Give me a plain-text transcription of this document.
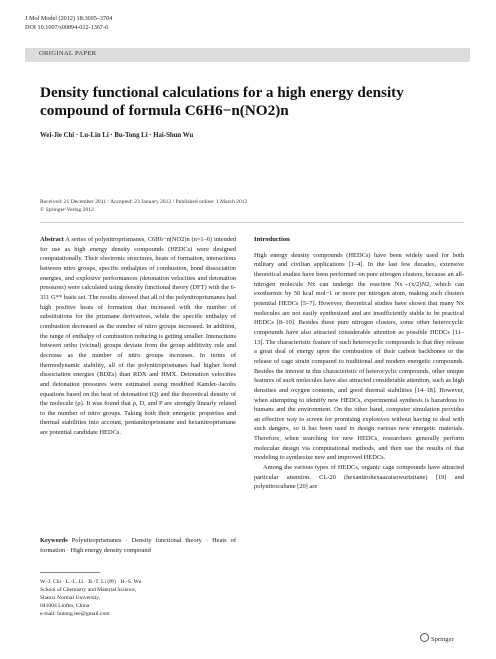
J Mol Model (2012) 18:3695–3704
DOI 10.1007/s00894-012-1367-6
ORIGINAL PAPER
Density functional calculations for a high energy density compound of formula C6H6−n(NO2)n
Wei-Jie Chi · Lu-Lin Li · Bu-Tong Li · Hai-Shun Wu
Received: 21 December 2011 / Accepted: 23 January 2012 / Published online: 1 March 2012
© Springer-Verlag 2012

Abstract A series of polynitroprismanes, C6H6−n(NO2)n (n=1–6) intended for use as high energy density compounds (HEDCs) were designed computationally. Their electronic structures, heats of formation, interactions between nitro groups, specific enthalpies of combustion, bond dissociation energies, and explosive performances (detonation velocities and detonation pressures) were calculated using density functional theory (DFT) with the 6-311 G** basis set. The results showed that all of the polynitroprismanes had high positive heats of formation that increased with the number of substitutions for the prismane derivatives, while the specific enthalpy of combustion decreased as the number of nitro groups increased. In addition, the range of enthalpy of combustion reducing is getting smaller. Interactions between ortho (vicinal) groups deviate from the group additivity rule and decrease as the number of nitro groups increases. In terms of thermodynamic stability, all of the polynitroprismanes had higher bond dissociation energies (BDEs) than RDX and HMX. Detonation velocities and detonation pressures were estimated using modified Kamlet–Jacobs equations based on the heat of detonation (Q) and the theoretical density of the molecule (ρ). It was found that ρ, D, and P are strongly linearly related to the number of nitro groups. Taking both their energetic properties and thermal stabilities into account, pentanitroprismane and hexanitroprismane are potential candidate HEDCs.

Keywords Polynitroprismanes · Density functional theory · Heats of formation · High energy density compound

W.-J. Chi · L.-L. Li · B.-T. Li (✉) · H.-S. Wu
School of Chemistry and Material Science,
Shanxi Normal University,
041004 Linfen, China
e-mail: butong.lee@gmail.com

Introduction

High energy density compounds (HEDCs) have been widely used for both military and civilian applications [1–4]. In the last few decades, extensive theoretical studies have been performed on pure nitrogen clusters, because an all-nitrogen molecule Nx can undergo the reaction Nx→(x/2)N2, which can exothermic by 50 kcal mol−1 or more per nitrogen atom, making such clusters potential HEDCs [5–7]. However, theoretical studies have shown that many Nx molecules are not easily synthesized and are insufficiently stable to be practical HEDCs [8–10]. Besides these pure nitrogen clusters, some other heterocyclic compounds have also attracted considerable attention as possible HEDCs [11–13]. The characteristic feature of such heterocyclic compounds is that they release a great deal of energy upon the combustion of their carbon backbones or the release of cage strain compared to traditional and modern energetic compounds. Besides the interest in this characteristic of heterocyclic compounds, other unique features of such molecules have also attracted considerable attention, such as high densities and oxygen contents, and good thermal stabilities [14–18]. However, when attempting to identify new HEDCs, experimental synthesis is hazardous to humans and the environment. On the other hand, computer simulation provides an effective way to screen for promising explosives without having to deal with such dangers, so it has been used to design various new energetic materials. Therefore, when searching for new HEDCs, researchers generally perform molecular design via computational methods, and then use the results of that modeling to synthesize new and improved HEDCs.

Among the various types of HEDCs, organic cage compounds have attracted particular attention. CL-20 (hexanitrohexaazaisowurtzitane) [19] and polynitrocubane [20] are

Springer
